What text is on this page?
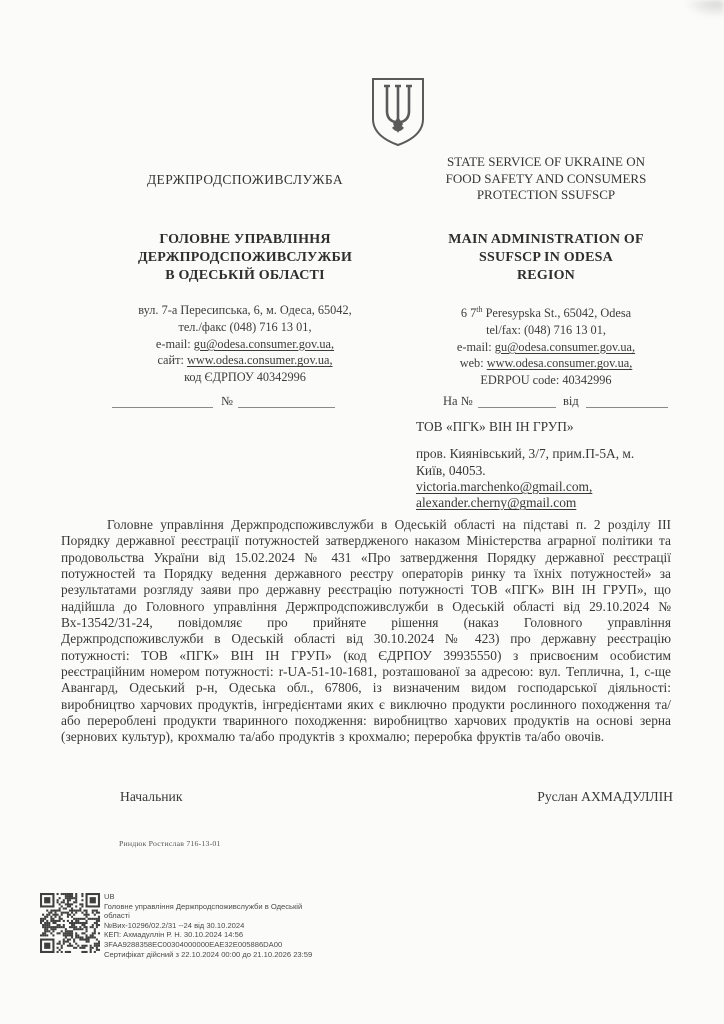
ДЕРЖПРОДСПОЖИВСЛУЖБА
ГОЛОВНЕ УПРАВЛІННЯ
ДЕРЖПРОДСПОЖИВСЛУЖБИ
В ОДЕСЬКІЙ ОБЛАСТІ
STATE SERVICE OF UKRAINE ON
FOOD SAFETY AND CONSUMERS
PROTECTION SSUFSCP
MAIN ADMINISTRATION OF
SSUFSCP IN ODESA
REGION
вул. 7-а Пересипська, 6, м. Одеса, 65042,
тел./факс (048) 716 13 01,
e-mail: gu@odesa.consumer.gov.ua,
сайт: www.odesa.consumer.gov.ua,
код ЄДРПОУ 40342996
6 7th Peresypska St., 65042, Odesa
tel/fax: (048) 716 13 01,
e-mail: gu@odesa.consumer.gov.ua,
web: www.odesa.consumer.gov.ua,
EDRPOU code: 40342996
№	На №	від
ТОВ «ПГК» ВІН ІН ГРУП»
пров. Киянівський, 3/7, прим.П-5А, м.
Київ, 04053.
victoria.marchenko@gmail.com,
alexander.cherny@gmail.com
Головне управління Держпродспоживслужби в Одеській області на підставі п. 2 розділу ІІІ Порядку державної реєстрації потужностей затвердженого наказом Міністерства аграрної політики та продовольства України від 15.02.2024 № 431 «Про затвердження Порядку державної реєстрації потужностей та Порядку ведення державного реєстру операторів ринку та їхніх потужностей» за результатами розгляду заяви про державну реєстрацію потужності ТОВ «ПГК» ВІН ІН ГРУП», що надійшла до Головного управління Держпродспоживслужби в Одеській області від 29.10.2024 № Вх-13542/31-24, повідомляє про прийняте рішення (наказ Головного управління Держпродспоживслужби в Одеській області від 30.10.2024 № 423) про державну реєстрацію потужності: ТОВ «ПГК» ВІН ІН ГРУП» (код ЄДРПОУ 39935550) з присвоєним особистим реєстраційним номером потужності: r-UA-51-10-1681, розташованої за адресою: вул. Теплична, 1, с-ще Авангард, Одеський р-н, Одеська обл., 67806, із визначеним видом господарської діяльності: виробництво харчових продуктів, інгредієнтами яких є виключно продукти рослинного походження та/або перероблені продукти тваринного походження: виробництво харчових продуктів на основі зерна (зернових культур), крохмалю та/або продуктів з крохмалю; переробка фруктів та/або овочів.
Начальник	Руслан АХМАДУЛЛІН
Риндюк Ростислав 716-13-01
UB
Головне управління Держпродспоживслужби в Одеській
області
№Вих-10296/02.2/31 --24 від 30.10.2024
КЕП: Ахмадуллін Р. Н. 30.10.2024 14:56
3FAA9288358EC00304000000EAE32E005886DA00
Сертифікат дійсний з 22.10.2024 00:00 до 21.10.2026 23:59
